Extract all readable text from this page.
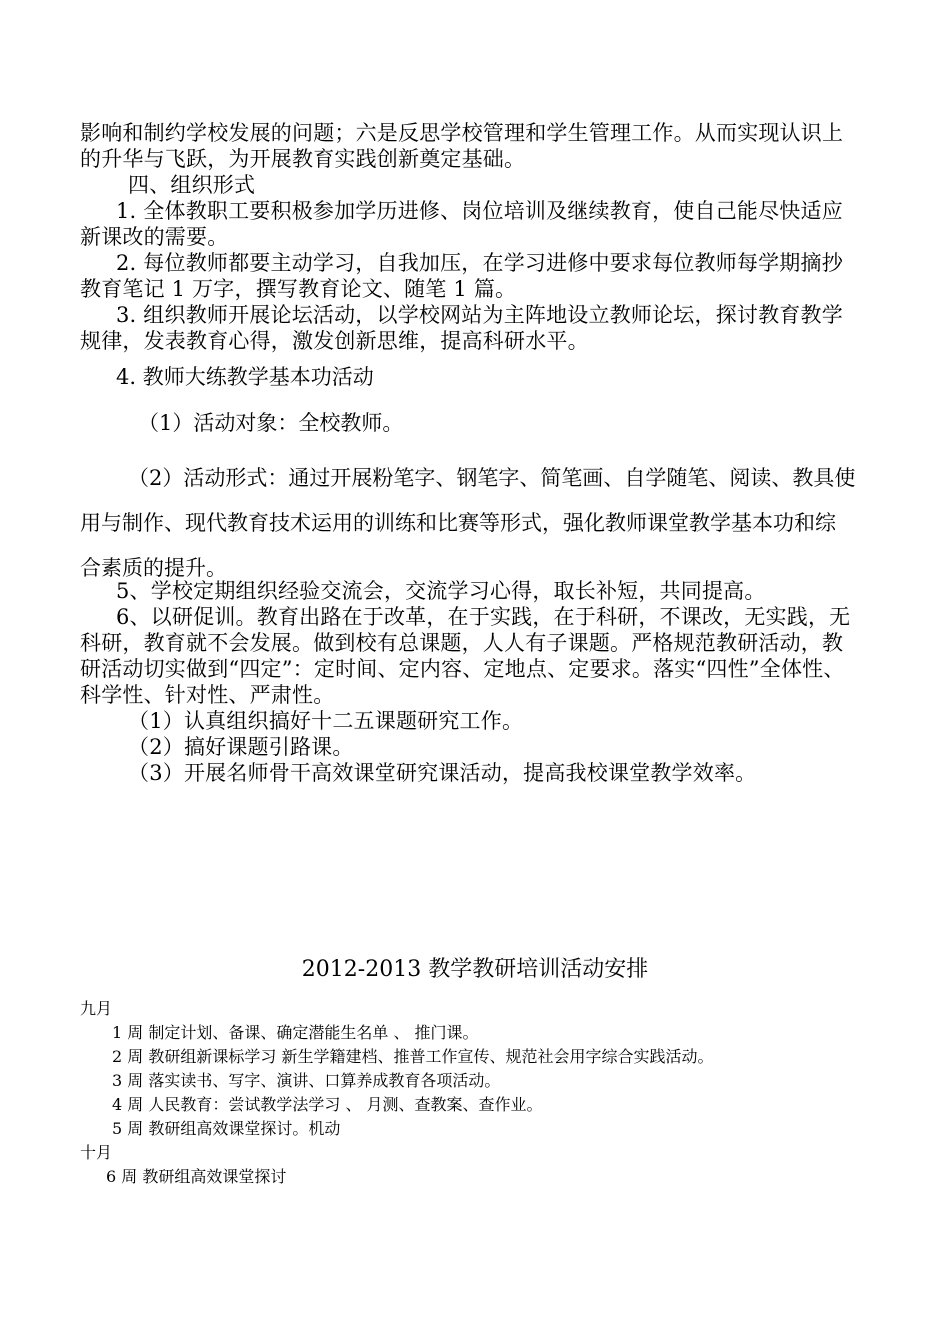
影响和制约学校发展的问题；六是反思学校管理和学生管理工作。从而实现认识上的升华与飞跃，为开展教育实践创新奠定基础。

四、组织形式

1. 全体教职工要积极参加学历进修、岗位培训及继续教育，使自己能尽快适应新课改的需要。

2. 每位教师都要主动学习，自我加压，在学习进修中要求每位教师每学期摘抄教育笔记 1 万字，撰写教育论文、随笔 1 篇。

3. 组织教师开展论坛活动，以学校网站为主阵地设立教师论坛，探讨教育教学规律，发表教育心得，激发创新思维，提高科研水平。

4. 教师大练教学基本功活动

（1）活动对象：全校教师。

（2）活动形式：通过开展粉笔字、钢笔字、简笔画、自学随笔、阅读、教具使用与制作、现代教育技术运用的训练和比赛等形式，强化教师课堂教学基本功和综合素质的提升。

5、学校定期组织经验交流会，交流学习心得，取长补短，共同提高。

6、以研促训。教育出路在于改革，在于实践，在于科研，不课改，无实践，无科研，教育就不会发展。做到校有总课题，人人有子课题。严格规范教研活动，教研活动切实做到“四定”：定时间、定内容、定地点、定要求。落实“四性”全体性、科学性、针对性、严肃性。

（1）认真组织搞好十二五课题研究工作。

（2）搞好课题引路课。

（3）开展名师骨干高效课堂研究课活动，提高我校课堂教学效率。

2012-2013 教学教研培训活动安排
九月
1 周 制定计划、备课、确定潜能生名单 、 推门课。
2 周 教研组新课标学习 新生学籍建档、推普工作宣传、规范社会用字综合实践活动。
3 周 落实读书、写字、演讲、口算养成教育各项活动。
4 周 人民教育：尝试教学法学习 、 月测、查教案、查作业。
5 周 教研组高效课堂探讨。机动
十月
6 周 教研组高效课堂探讨
